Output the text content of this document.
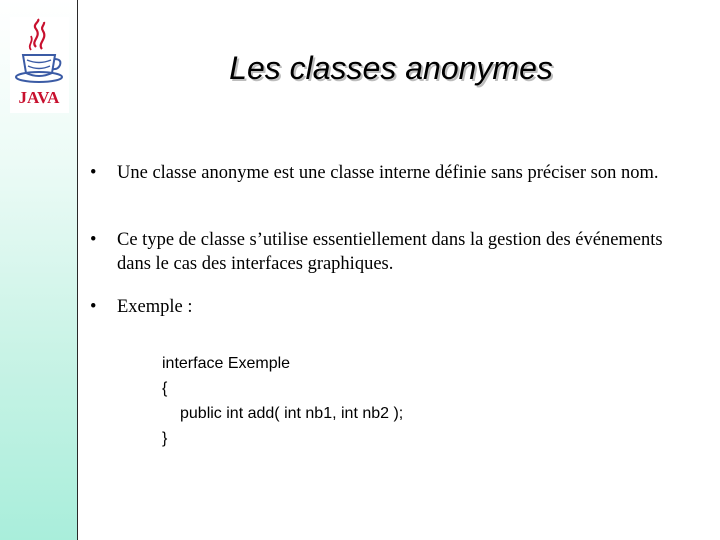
JAVA
Les classes anonymes
• Une classe anonyme est une classe interne définie sans préciser son nom.
• Ce type de classe s’utilise essentiellement dans la gestion des événements dans le cas des interfaces graphiques.
• Exemple :
interface Exemple
{
public int add( int nb1, int nb2 );
}
